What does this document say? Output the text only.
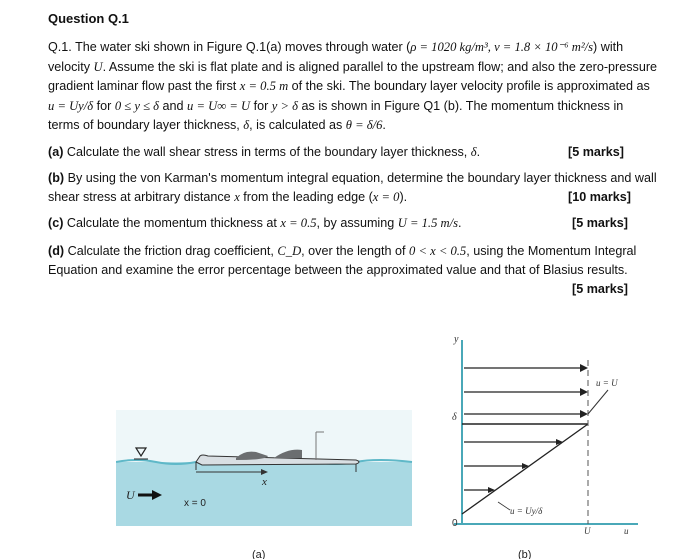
Question Q.1
Q.1. The water ski shown in Figure Q.1(a) moves through water (ρ = 1020 kg/m³, ν = 1.8 × 10⁻⁶ m²/s) with
velocity U. Assume the ski is flat plate and is aligned parallel to the upstream flow; and also the zero-pressure
gradient laminar flow past the first x = 0.5 m of the ski. The boundary layer velocity profile is approximated as
u = Uy/δ for 0 ≤ y ≤ δ and u = U∞ = U for y > δ as is shown in Figure Q1 (b). The momentum thickness in
terms of boundary layer thickness, δ, is calculated as θ = δ/6.
(a) Calculate the wall shear stress in terms of the boundary layer thickness, δ.	[5 marks]
(b) By using the von Karman's momentum integral equation, determine the boundary layer thickness and wall
shear stress at arbitrary distance x from the leading edge (x = 0).	[10 marks]
(c) Calculate the momentum thickness at x = 0.5, by assuming U = 1.5 m/s.	[5 marks]
(d) Calculate the friction drag coefficient, C_D, over the length of 0 < x < 0.5, using the Momentum Integral
Equation and examine the error percentage between the approximated value and that of Blasius results.
[5 marks]
x
U
x = 0
(a)
y
δ
0
u = U
u = Uy/δ
U	u
(b)
